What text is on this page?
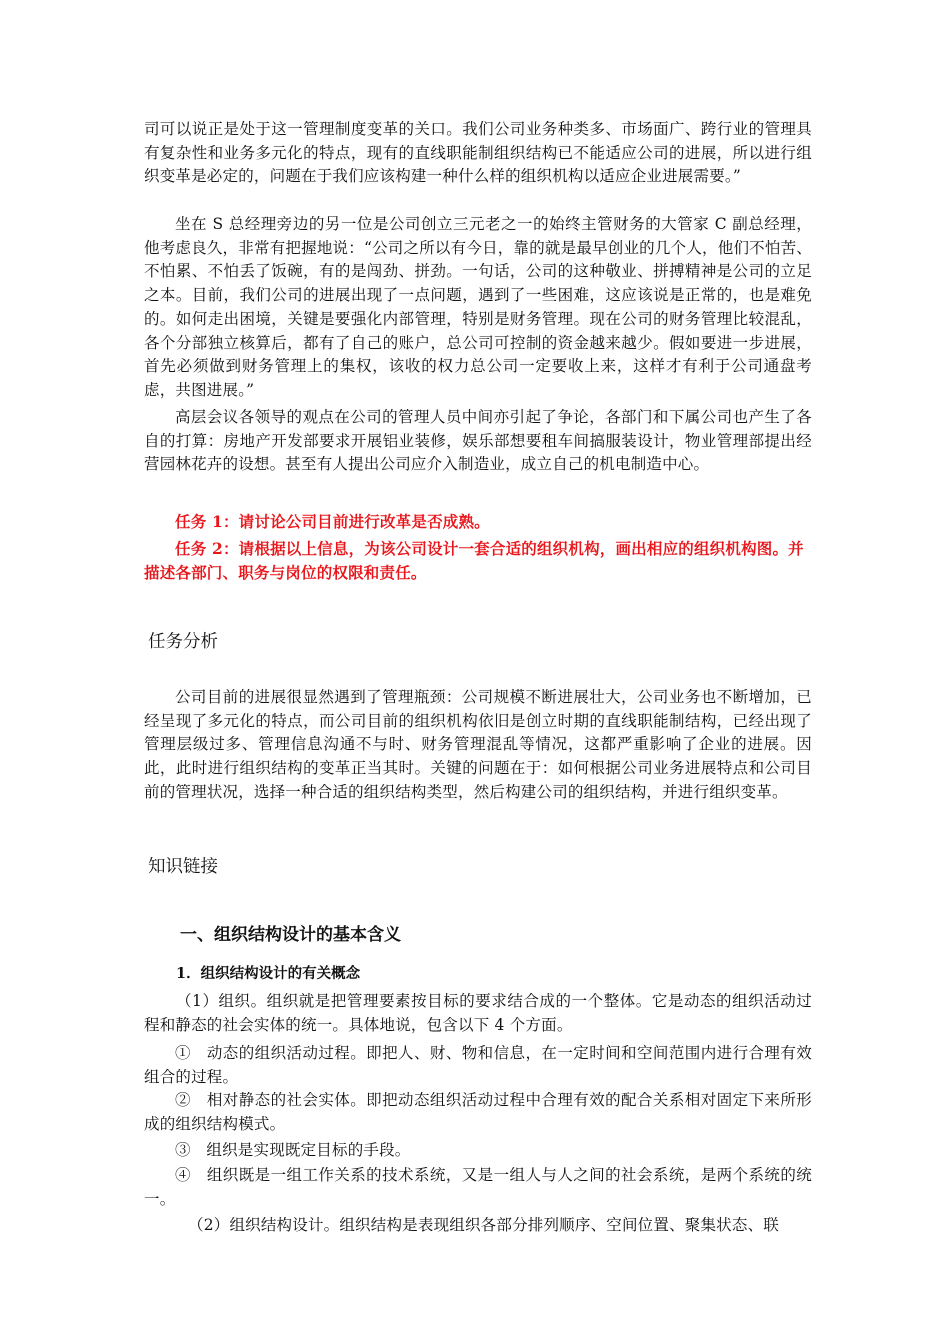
司可以说正是处于这一管理制度变革的关口。我们公司业务种类多、市场面广、跨行业的管理具有复杂性和业务多元化的特点，现有的直线职能制组织结构已不能适应公司的进展，所以进行组织变革是必定的，问题在于我们应该构建一种什么样的组织机构以适应企业进展需要。”

坐在 S 总经理旁边的另一位是公司创立三元老之一的始终主管财务的大管家 C 副总经理，他考虑良久，非常有把握地说：“公司之所以有今日，靠的就是最早创业的几个人，他们不怕苦、不怕累、不怕丢了饭碗，有的是闯劲、拼劲。一句话，公司的这种敬业、拼搏精神是公司的立足之本。目前，我们公司的进展出现了一点问题，遇到了一些困难，这应该说是正常的，也是难免的。如何走出困境，关键是要强化内部管理，特别是财务管理。现在公司的财务管理比较混乱，各个分部独立核算后，都有了自己的账户，总公司可控制的资金越来越少。假如要进一步进展，首先必须做到财务管理上的集权，该收的权力总公司一定要收上来，这样才有利于公司通盘考虑，共图进展。”

高层会议各领导的观点在公司的管理人员中间亦引起了争论，各部门和下属公司也产生了各自的打算：房地产开发部要求开展铝业装修，娱乐部想要租车间搞服装设计，物业管理部提出经营园林花卉的设想。甚至有人提出公司应介入制造业，成立自己的机电制造中心。

任务 1：请讨论公司目前进行改革是否成熟。

任务 2：请根据以上信息，为该公司设计一套合适的组织机构，画出相应的组织机构图。并描述各部门、职务与岗位的权限和责任。

任务分析

公司目前的进展很显然遇到了管理瓶颈：公司规模不断进展壮大，公司业务也不断增加，已经呈现了多元化的特点，而公司目前的组织机构依旧是创立时期的直线职能制结构，已经出现了管理层级过多、管理信息沟通不与时、财务管理混乱等情况，这都严重影响了企业的进展。因此，此时进行组织结构的变革正当其时。关键的问题在于：如何根据公司业务进展特点和公司目前的管理状况，选择一种合适的组织结构类型，然后构建公司的组织结构，并进行组织变革。

知识链接
一、组织结构设计的基本含义
1．组织结构设计的有关概念

（1）组织。组织就是把管理要素按目标的要求结合成的一个整体。它是动态的组织活动过程和静态的社会实体的统一。具体地说，包含以下 4 个方面。

①　动态的组织活动过程。即把人、财、物和信息，在一定时间和空间范围内进行合理有效组合的过程。

②　相对静态的社会实体。即把动态组织活动过程中合理有效的配合关系相对固定下来所形成的组织结构模式。

③　组织是实现既定目标的手段。

④　组织既是一组工作关系的技术系统，又是一组人与人之间的社会系统，是两个系统的统一。

（2）组织结构设计。组织结构是表现组织各部分排列顺序、空间位置、聚集状态、联
